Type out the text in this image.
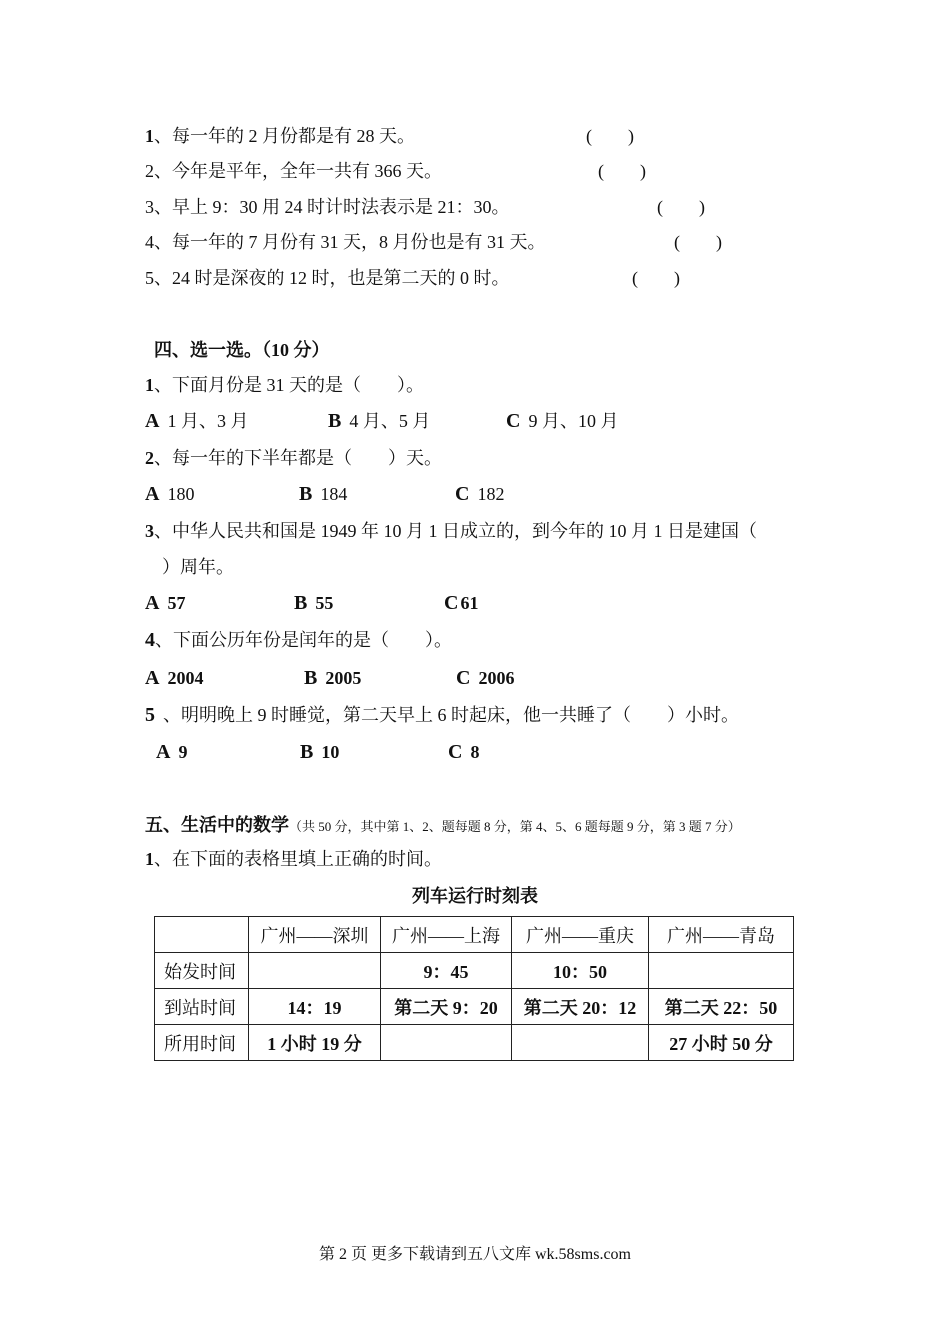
1、每一年的 2 月份都是有 28 天。	(　　)
2、今年是平年，全年一共有 366 天。	(　　)
3、早上 9：30 用 24 时计时法表示是 21：30。	(　　)
4、每一年的 7 月份有 31 天，8 月份也是有 31 天。	(　　)
5、24 时是深夜的 12 时，也是第二天的 0 时。	(　　)
四、选一选。（10 分）
1、下面月份是 31 天的是（　　）。
A 1 月、3 月	B 4 月、5 月	C 9 月、10 月
2、每一年的下半年都是（　　）天。
A 180	B 184	C 182
3、中华人民共和国是 1949 年 10 月 1 日成立的，到今年的 10 月 1 日是建国（
）周年。
A 57	B 55	C 61
4、下面公历年份是闰年的是（　　）。
A 2004	B 2005	C 2006
5 、明明晚上 9 时睡觉，第二天早上 6 时起床，他一共睡了（　　）小时。
A 9	B 10	C 8
五、生活中的数学（共 50 分，其中第 1、2、题每题 8 分，第 4、5、6 题每题 9 分，第 3 题 7 分）
1、在下面的表格里填上正确的时间。
列车运行时刻表
	广州——深圳	广州——上海	广州——重庆	广州——青岛
始发时间		9：45	10：50	
到站时间	14：19	第二天 9：20	第二天 20：12	第二天 22：50
所用时间	1 小时 19 分			27 小时 50 分
第 2 页 更多下载请到五八文库 wk.58sms.com
